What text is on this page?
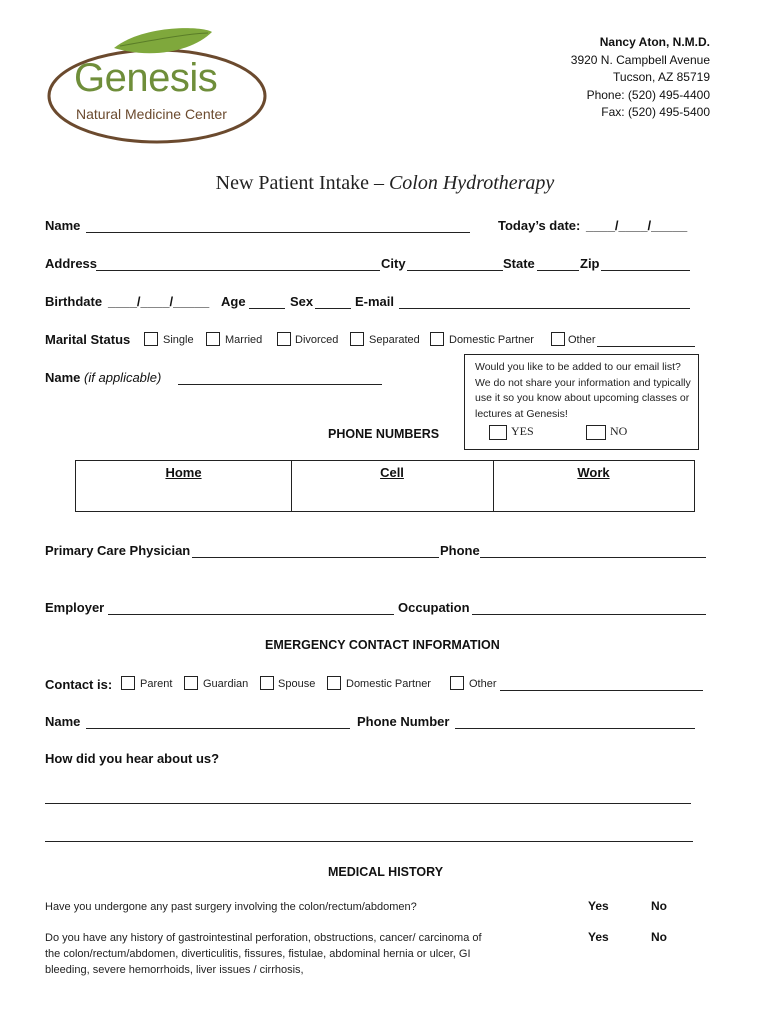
Genesis
Natural Medicine Center
Nancy Aton, N.M.D.
3920 N. Campbell Avenue
Tucson, AZ 85719
Phone: (520) 495-4400
Fax: (520) 495-5400
New Patient Intake – Colon Hydrotherapy
Name	Today’s date: ____/____/_____
Address	City	State	Zip
Birthdate ____/____/_____ Age	Sex	E-mail
Marital Status	Single	Married	Divorced	Separated	Domestic Partner	Other
Name (if applicable)
Would you like to be added to our email list? We do not share your information and typically use it so you know about upcoming classes or lectures at Genesis!
YES	NO
PHONE NUMBERS
Home	Cell	Work
Primary Care Physician	Phone
Employer	Occupation
EMERGENCY CONTACT INFORMATION
Contact is:	Parent	Guardian	Spouse	Domestic Partner	Other
Name	Phone Number
How did you hear about us?
MEDICAL HISTORY
Have you undergone any past surgery involving the colon/rectum/abdomen?	Yes	No
Do you have any history of gastrointestinal perforation, obstructions, cancer/ carcinoma of the colon/rectum/abdomen, diverticulitis, fissures, fistulae, abdominal hernia or ulcer, GI bleeding, severe hemorrhoids, liver issues / cirrhosis,
Yes	No
